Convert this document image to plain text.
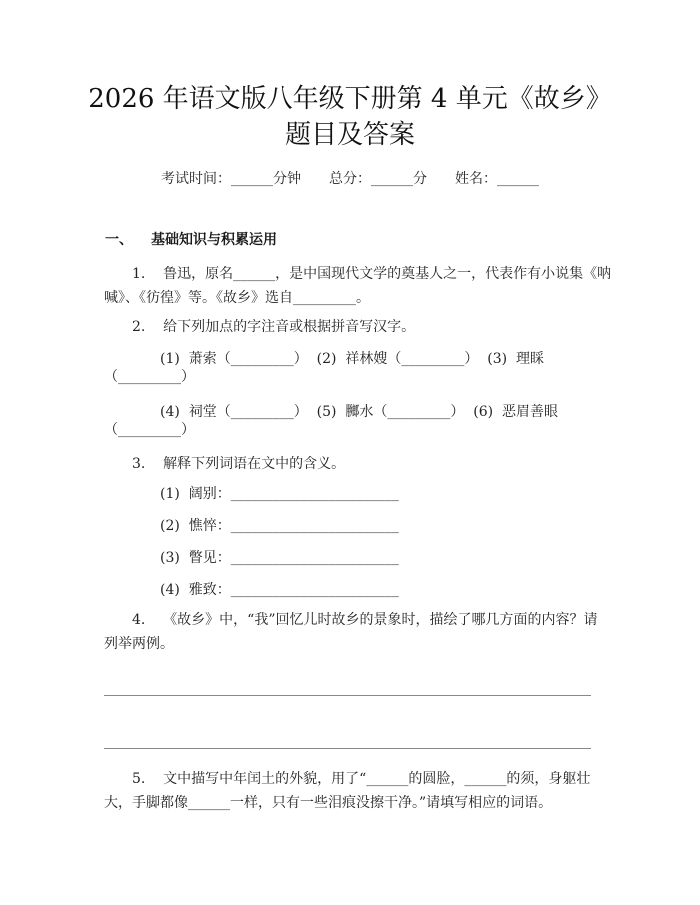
2026 年语文版八年级下册第 4 单元《故乡》
题目及答案
考试时间：______分钟 总分：______分 姓名：______
一、 基础知识与积累运用
1.    鲁迅，原名______，是中国现代文学的奠基人之一，代表作有小说集《呐
喊》、《彷徨》等。《故乡》选自_________。
2.    给下列加点的字注音或根据拼音写汉字。
(1)  萧索（_________）  (2)  祥林嫂（_________）  (3)  理睬
（_________）
(4)  祠堂（_________）  (5)  膷水（_________）  (6)  恶眉善眼
（_________）
3.    解释下列词语在文中的含义。
(1)  阔别：________________________
(2)  憔悴：________________________
(3)  瞥见：________________________
(4)  雅致：________________________
4.    《故乡》中，“我”回忆儿时故乡的景象时，描绘了哪几方面的内容？请
列举两例。
5.    文中描写中年闰土的外貌，用了“______的圆脸，______的须，身躯壮
大，手脚都像______一样，只有一些泪痕没擦干净。”请填写相应的词语。
